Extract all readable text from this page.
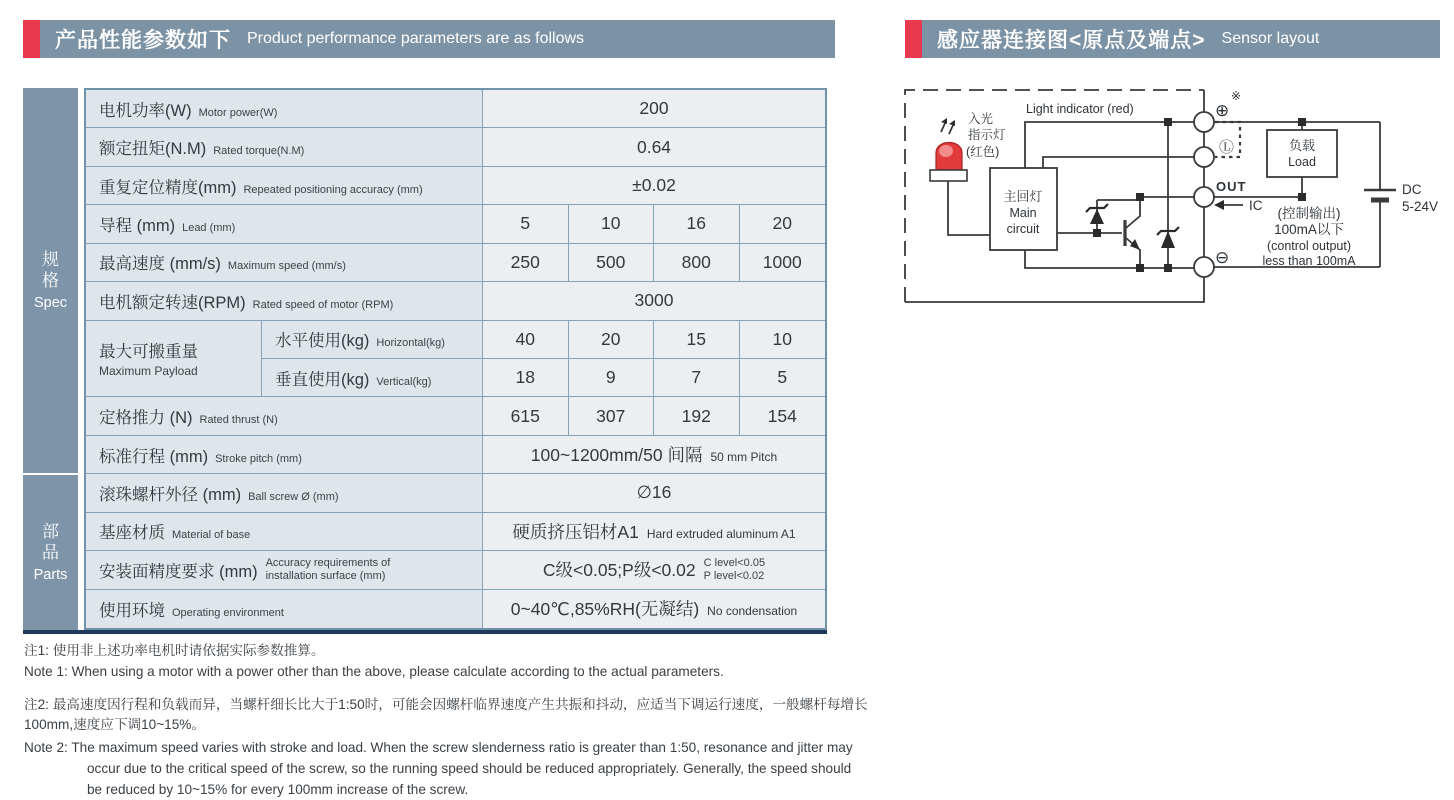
产品性能参数如下 Product performance parameters are as follows	感应器连接图<原点及端点> Sensor layout
规
格
Spec
部
品
Parts
电机功率(W) Motor power(W)	200
额定扭矩(N.M) Rated torque(N.M)	0.64
重复定位精度(mm) Repeated positioning accuracy (mm)	±0.02
导程 (mm) Lead (mm)	5	10	16	20
最高速度 (mm/s) Maximum speed (mm/s)	250	500	800	1000
电机额定转速(RPM) Rated speed of motor (RPM)	3000
最大可搬重量
Maximum Payload
水平使用(kg) Horizontal(kg)	40	20	15	10
垂直使用(kg) Vertical(kg)	18	9	7	5
定格推力 (N) Rated thrust (N)	615	307	192	154
标准行程 (mm) Stroke pitch (mm)	100~1200mm/50 间隔 50 mm Pitch
滚珠螺杆外径 (mm) Ball screw Ø (mm)	∅16
基座材质 Material of base	硬质挤压铝材A1 Hard extruded aluminum A1
安装面精度要求 (mm)
Accuracy requirements of
installation surface (mm)	C级<0.05;P级<0.02 C level<0.05
P level<0.02
使用环境 Operating environment	0~40℃,85%RH(无凝结) No condensation
注1: 使用非上述功率电机时请依据实际参数推算。
Note 1: When using a motor with a power other than the above, please calculate according to the actual parameters.
注2: 最高速度因行程和负载而异，当螺杆细长比大于1:50时，可能会因螺杆临界速度产生共振和抖动，应适当下调运行速度，一般螺杆每增长100mm,速度应下调10~15%。
Note 2: The maximum speed varies with stroke and load. When the screw slenderness ratio is greater than 1:50, resonance and jitter may occur due to the critical speed of the screw, so the running speed should be reduced appropriately. Generally, the speed should be reduced by 10~15% for every 100mm increase of the screw.
Light indicator (red)
入光
指示灯
(红色)
主回灯
Main
circuit
负载
Load
⊕
※
Ⓛ
OUT
IC
⊖
(控制输出)
100mA以下
(control output)
less than 100mA
DC
5-24V
